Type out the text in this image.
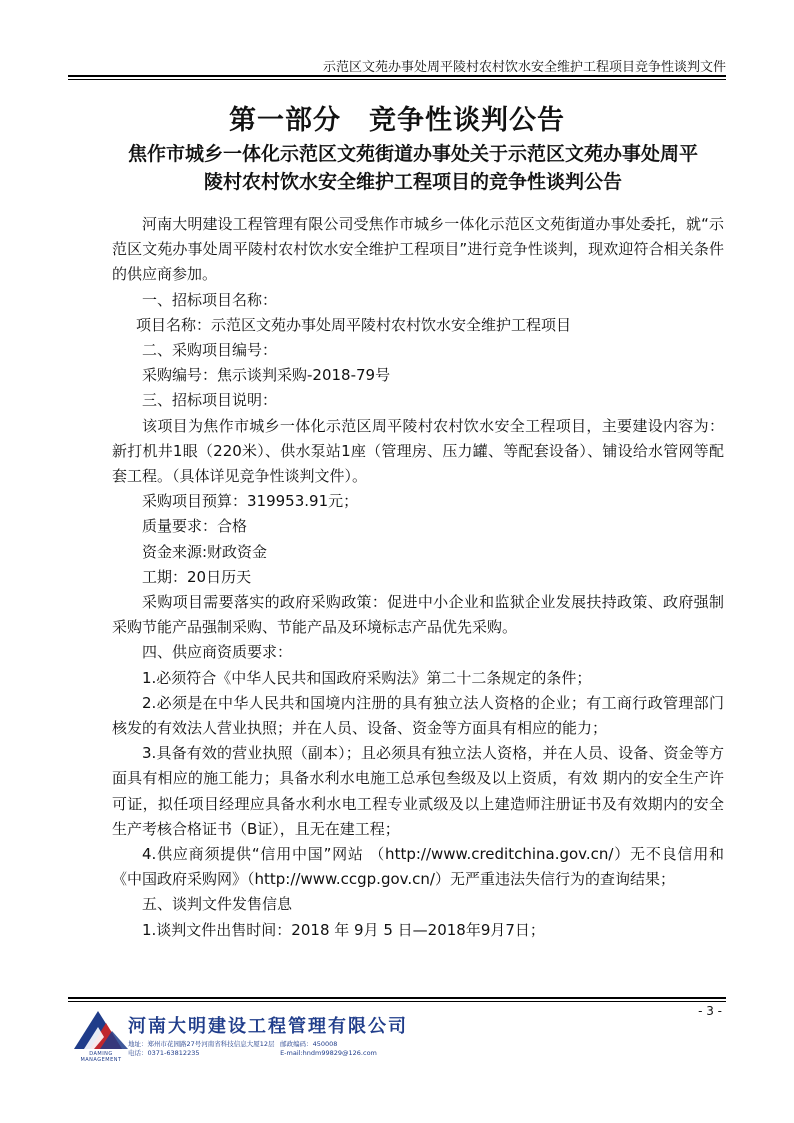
示范区文苑办事处周平陵村农村饮水安全维护工程项目竞争性谈判文件
第一部分　竞争性谈判公告
焦作市城乡一体化示范区文苑街道办事处关于示范区文苑办事处周平
陵村农村饮水安全维护工程项目的竞争性谈判公告

河南大明建设工程管理有限公司受焦作市城乡一体化示范区文苑街道办事处委托，就“示范区文苑办事处周平陵村农村饮水安全维护工程项目”进行竞争性谈判，现欢迎符合相关条件的供应商参加。

一、招标项目名称：

项目名称：示范区文苑办事处周平陵村农村饮水安全维护工程项目

二、采购项目编号：

采购编号：焦示谈判采购-2018-79号

三、招标项目说明：

该项目为焦作市城乡一体化示范区周平陵村农村饮水安全工程项目，主要建设内容为：新打机井1眼（220米）、供水泵站1座（管理房、压力罐、等配套设备）、铺设给水管网等配套工程。（具体详见竞争性谈判文件）。

采购项目预算：319953.91元；

质量要求：合格

资金来源:财政资金

工期：20日历天

采购项目需要落实的政府采购政策：促进中小企业和监狱企业发展扶持政策、政府强制采购节能产品强制采购、节能产品及环境标志产品优先采购。

四、供应商资质要求：

1.必须符合《中华人民共和国政府采购法》第二十二条规定的条件；

2.必须是在中华人民共和国境内注册的具有独立法人资格的企业；有工商行政管理部门核发的有效法人营业执照；并在人员、设备、资金等方面具有相应的能力；

3.具备有效的营业执照（副本）；且必须具有独立法人资格，并在人员、设备、资金等方面具有相应的施工能力；具备水利水电施工总承包叁级及以上资质，有效 期内的安全生产许可证，拟任项目经理应具备水利水电工程专业贰级及以上建造师注册证书及有效期内的安全生产考核合格证书（B证），且无在建工程；

4.供应商须提供“信用中国”网站 （http://www.creditchina.gov.cn/）无不良信用和《中国政府采购网》（http://www.ccgp.gov.cn/）无严重违法失信行为的查询结果；

五、谈判文件发售信息

1.谈判文件出售时间：2018 年 9月 5 日—2018年9月7日；

- 3 -
DAMING MANAGEMENT
河南大明建设工程管理有限公司
地址：郑州市花园路27号河南省科技信息大厦12层 邮政编码：450008
电话：0371-63812235	E-mail:hndm99829@126.com
